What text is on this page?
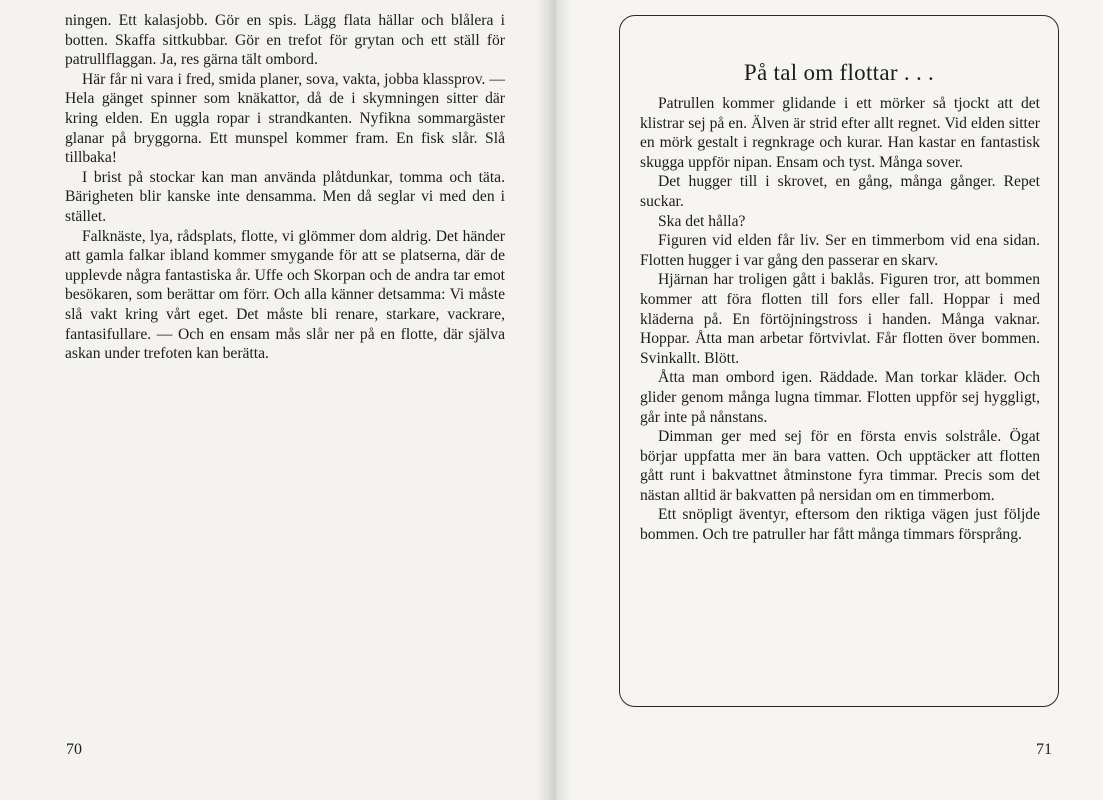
ningen. Ett kalasjobb. Gör en spis. Lägg flata hällar och blålera i botten. Skaffa sittkubbar. Gör en trefot för grytan och ett ställ för patrullflaggan. Ja, res gärna tält ombord.

Här får ni vara i fred, smida planer, sova, vakta, jobba klassprov. — Hela gänget spinner som knäkattor, då de i skymningen sitter där kring elden. En uggla ropar i strandkanten. Nyfikna sommargäster glanar på bryggorna. Ett munspel kommer fram. En fisk slår. Slå tillbaka!

I brist på stockar kan man använda plåtdunkar, tomma och täta. Bärigheten blir kanske inte densamma. Men då seglar vi med den i stället.

Falknäste, lya, rådsplats, flotte, vi glömmer dom aldrig. Det händer att gamla falkar ibland kommer smygande för att se platserna, där de upplevde några fantastiska år. Uffe och Skorpan och de andra tar emot besökaren, som berättar om förr. Och alla känner detsamma: Vi måste slå vakt kring vårt eget. Det måste bli renare, starkare, vackrare, fantasifullare. — Och en ensam mås slår ner på en flotte, där själva askan under trefoten kan berätta.

70
På tal om flottar . . .

Patrullen kommer glidande i ett mörker så tjockt att det klistrar sej på en. Älven är strid efter allt regnet. Vid elden sitter en mörk gestalt i regnkrage och kurar. Han kastar en fantastisk skugga uppför nipan. Ensam och tyst. Många sover.

Det hugger till i skrovet, en gång, många gånger. Repet suckar.

Ska det hålla?

Figuren vid elden får liv. Ser en timmerbom vid ena sidan. Flotten hugger i var gång den passerar en skarv.

Hjärnan har troligen gått i baklås. Figuren tror, att bommen kommer att föra flotten till fors eller fall. Hoppar i med kläderna på. En förtöjningstross i handen. Många vaknar. Hoppar. Åtta man arbetar förtvivlat. Får flotten över bommen. Svinkallt. Blött.

Åtta man ombord igen. Räddade. Man torkar kläder. Och glider genom många lugna timmar. Flotten uppför sej hyggligt, går inte på nånstans.

Dimman ger med sej för en första envis solstråle. Ögat börjar uppfatta mer än bara vatten. Och upptäcker att flotten gått runt i bakvattnet åtminstone fyra timmar. Precis som det nästan alltid är bakvatten på nersidan om en timmerbom.

Ett snöpligt äventyr, eftersom den riktiga vägen just följde bommen. Och tre patruller har fått många timmars försprång.

71
